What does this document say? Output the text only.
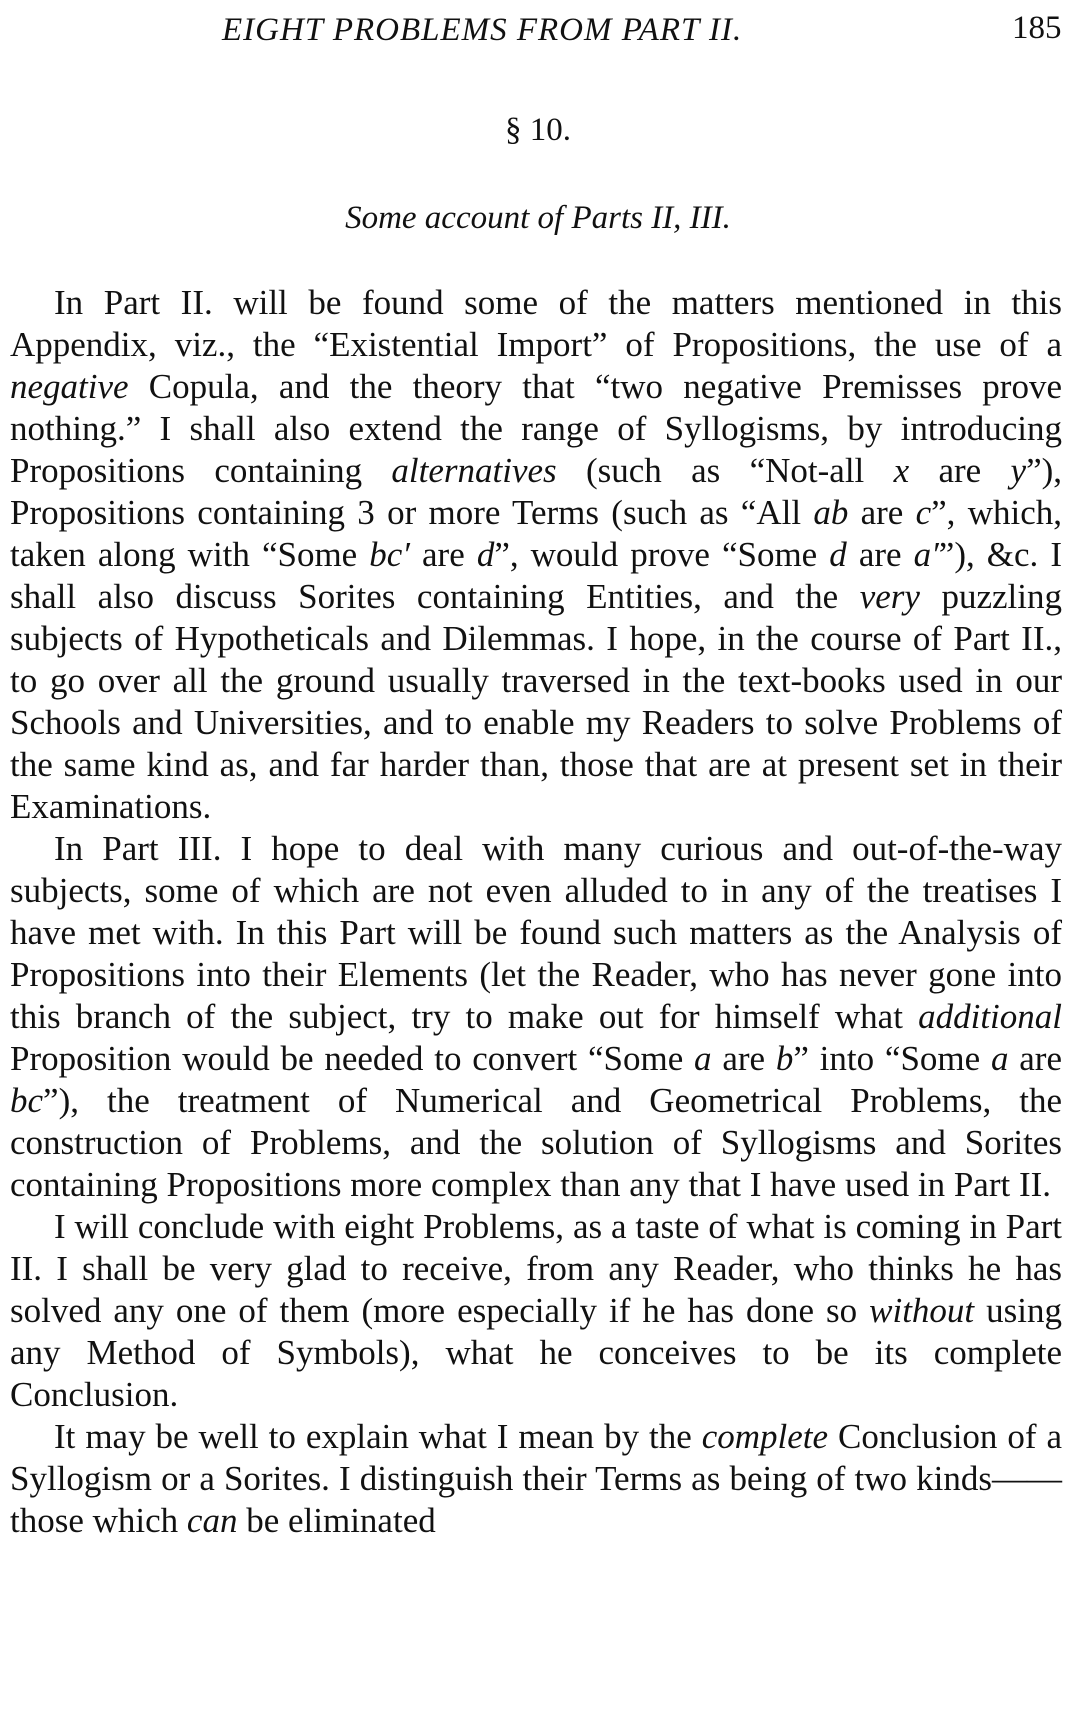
EIGHT PROBLEMS FROM PART II.	185
§ 10.
Some account of Parts II, III.

In Part II. will be found some of the matters mentioned in this Appendix, viz., the “Existential Import” of Propositions, the use of a negative Copula, and the theory that “two negative Premisses prove nothing.” I shall also extend the range of Syllogisms, by introducing Propositions containing alternatives (such as “Not-all x are y”), Propositions containing 3 or more Terms (such as “All ab are c”, which, taken along with “Some bc′ are d”, would prove “Some d are a′”), &c. I shall also discuss Sorites containing Entities, and the very puzzling subjects of Hypotheticals and Dilemmas. I hope, in the course of Part II., to go over all the ground usually traversed in the text-books used in our Schools and Universities, and to enable my Readers to solve Problems of the same kind as, and far harder than, those that are at present set in their Examinations.

In Part III. I hope to deal with many curious and out-of-the-way subjects, some of which are not even alluded to in any of the treatises I have met with. In this Part will be found such matters as the Analysis of Propositions into their Elements (let the Reader, who has never gone into this branch of the subject, try to make out for himself what additional Proposition would be needed to convert “Some a are b” into “Some a are bc”), the treatment of Numerical and Geometrical Problems, the construction of Problems, and the solution of Syllogisms and Sorites containing Propositions more complex than any that I have used in Part II.

I will conclude with eight Problems, as a taste of what is coming in Part II. I shall be very glad to receive, from any Reader, who thinks he has solved any one of them (more especially if he has done so without using any Method of Symbols), what he conceives to be its complete Conclusion.

It may be well to explain what I mean by the complete Conclusion of a Syllogism or a Sorites. I distinguish their Terms as being of two kinds——those which can be eliminated
